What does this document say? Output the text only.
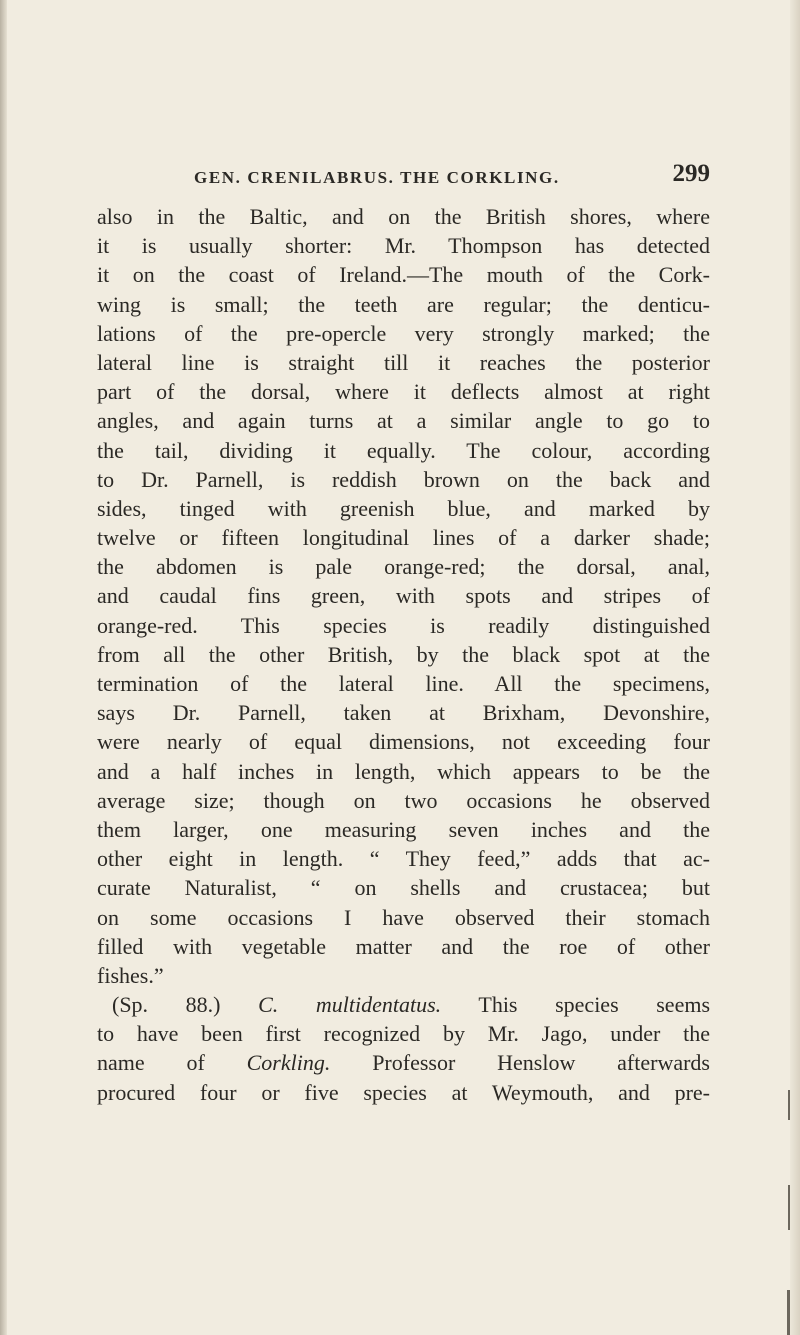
GEN. CRENILABRUS. THE CORKLING.	299
also in the Baltic, and on the British shores, where
it is usually shorter: Mr. Thompson has detected
it on the coast of Ireland.—The mouth of the Cork-
wing is small; the teeth are regular; the denticu-
lations of the pre-opercle very strongly marked; the
lateral line is straight till it reaches the posterior
part of the dorsal, where it deflects almost at right
angles, and again turns at a similar angle to go to
the tail, dividing it equally. The colour, according
to Dr. Parnell, is reddish brown on the back and
sides, tinged with greenish blue, and marked by
twelve or fifteen longitudinal lines of a darker shade;
the abdomen is pale orange-red; the dorsal, anal,
and caudal fins green, with spots and stripes of
orange-red. This species is readily distinguished
from all the other British, by the black spot at the
termination of the lateral line. All the specimens,
says Dr. Parnell, taken at Brixham, Devonshire,
were nearly of equal dimensions, not exceeding four
and a half inches in length, which appears to be the
average size; though on two occasions he observed
them larger, one measuring seven inches and the
other eight in length. “ They feed,” adds that ac-
curate Naturalist, “ on shells and crustacea; but
on some occasions I have observed their stomach
filled with vegetable matter and the roe of other
fishes.”
(Sp. 88.) C. multidentatus. This species seems
to have been first recognized by Mr. Jago, under the
name of Corkling. Professor Henslow afterwards
procured four or five species at Weymouth, and pre-
